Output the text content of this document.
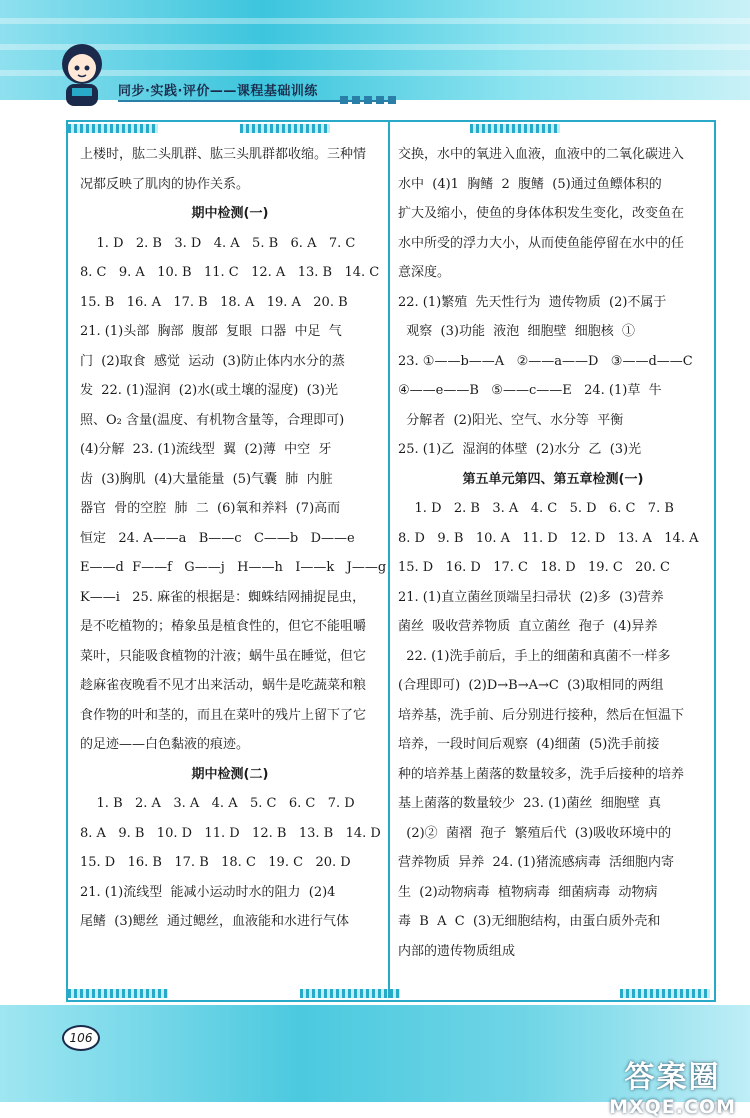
同步·实践·评价——课程基础训练

上楼时，肱二头肌群、肱三头肌群都收缩。三种情

况都反映了肌肉的协作关系。

期中检测(一)

1. D   2. B   3. D   4. A   5. B   6. A   7. C

8. C   9. A   10. B   11. C   12. A   13. B   14. C

15. B   16. A   17. B   18. A   19. A   20. B

21. (1)头部  胸部  腹部  复眼  口器  中足  气

门  (2)取食  感觉  运动  (3)防止体内水分的蒸

发  22. (1)湿润  (2)水(或土壤的湿度)  (3)光

照、O₂ 含量(温度、有机物含量等，合理即可)

(4)分解  23. (1)流线型  翼  (2)薄  中空  牙

齿  (3)胸肌  (4)大量能量  (5)气囊  肺  内脏

器官  骨的空腔  肺  二  (6)氧和养料  (7)高而

恒定   24. A——a   B——c   C——b   D——e

E——d  F——f   G——j   H——h   I——k   J——g

K——i   25. 麻雀的根据是：蜘蛛结网捕捉昆虫，

是不吃植物的；椿象虽是植食性的，但它不能咀嚼

菜叶，只能吸食植物的汁液；蜗牛虽在睡觉，但它

趁麻雀夜晚看不见才出来活动，蜗牛是吃蔬菜和粮

食作物的叶和茎的，而且在菜叶的残片上留下了它

的足迹——白色黏液的痕迹。

期中检测(二)

1. B   2. A   3. A   4. A   5. C   6. C   7. D

8. A   9. B   10. D   11. D   12. B   13. B   14. D

15. D   16. B   17. B   18. C   19. C   20. D

21. (1)流线型  能减小运动时水的阻力  (2)4

尾鳍  (3)鳃丝  通过鳃丝，血液能和水进行气体

交换，水中的氧进入血液，血液中的二氧化碳进入

水中  (4)1  胸鳍  2  腹鳍  (5)通过鱼鳔体积的

扩大及缩小，使鱼的身体体积发生变化，改变鱼在

水中所受的浮力大小，从而使鱼能停留在水中的任

意深度。

22. (1)繁殖  先天性行为  遗传物质  (2)不属于

观察  (3)功能  液泡  细胞壁  细胞核  ①

23. ①——b——A   ②——a——D   ③——d——C

④——e——B   ⑤——c——E   24. (1)草  牛

分解者  (2)阳光、空气、水分等  平衡

25. (1)乙  湿润的体壁  (2)水分  乙  (3)光

第五单元第四、第五章检测(一)

1. D   2. B   3. A   4. C   5. D   6. C   7. B

8. D   9. B   10. A   11. D   12. D   13. A   14. A

15. D   16. D   17. C   18. D   19. C   20. C

21. (1)直立菌丝顶端呈扫帚状  (2)多  (3)营养

菌丝  吸收营养物质  直立菌丝  孢子  (4)异养

22. (1)洗手前后，手上的细菌和真菌不一样多

(合理即可)  (2)D→B→A→C  (3)取相同的两组

培养基，洗手前、后分别进行接种，然后在恒温下

培养，一段时间后观察  (4)细菌  (5)洗手前接

种的培养基上菌落的数量较多，洗手后接种的培养

基上菌落的数量较少  23. (1)菌丝  细胞壁  真

(2)②  菌褶  孢子  繁殖后代  (3)吸收环境中的

营养物质  异养  24. (1)猪流感病毒  活细胞内寄

生  (2)动物病毒  植物病毒  细菌病毒  动物病

毒  B  A  C  (3)无细胞结构，由蛋白质外壳和

内部的遗传物质组成

106
答案圈
MXQE.COM
